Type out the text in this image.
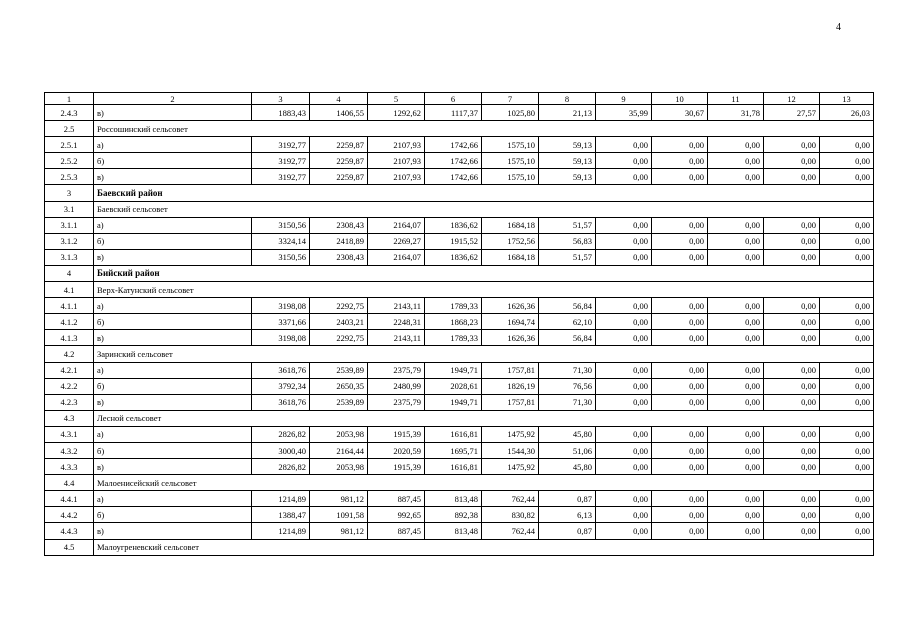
4
1	2	3	4	5	6	7	8	9	10	11	12	13
2.4.3	в)	1883,43	1406,55	1292,62	1117,37	1025,80	21,13	35,99	30,67	31,78	27,57	26,03
2.5	Россошинский сельсовет											
2.5.1	а)	3192,77	2259,87	2107,93	1742,66	1575,10	59,13	0,00	0,00	0,00	0,00	0,00
2.5.2	б)	3192,77	2259,87	2107,93	1742,66	1575,10	59,13	0,00	0,00	0,00	0,00	0,00
2.5.3	в)	3192,77	2259,87	2107,93	1742,66	1575,10	59,13	0,00	0,00	0,00	0,00	0,00
3	Баевский район											
3.1	Баевский сельсовет											
3.1.1	а)	3150,56	2308,43	2164,07	1836,62	1684,18	51,57	0,00	0,00	0,00	0,00	0,00
3.1.2	б)	3324,14	2418,89	2269,27	1915,52	1752,56	56,83	0,00	0,00	0,00	0,00	0,00
3.1.3	в)	3150,56	2308,43	2164,07	1836,62	1684,18	51,57	0,00	0,00	0,00	0,00	0,00
4	Бийский район											
4.1	Верх-Катунский сельсовет											
4.1.1	а)	3198,08	2292,75	2143,11	1789,33	1626,36	56,84	0,00	0,00	0,00	0,00	0,00
4.1.2	б)	3371,66	2403,21	2248,31	1868,23	1694,74	62,10	0,00	0,00	0,00	0,00	0,00
4.1.3	в)	3198,08	2292,75	2143,11	1789,33	1626,36	56,84	0,00	0,00	0,00	0,00	0,00
4.2	Заринский сельсовет											
4.2.1	а)	3618,76	2539,89	2375,79	1949,71	1757,81	71,30	0,00	0,00	0,00	0,00	0,00
4.2.2	б)	3792,34	2650,35	2480,99	2028,61	1826,19	76,56	0,00	0,00	0,00	0,00	0,00
4.2.3	в)	3618,76	2539,89	2375,79	1949,71	1757,81	71,30	0,00	0,00	0,00	0,00	0,00
4.3	Лесной сельсовет											
4.3.1	а)	2826,82	2053,98	1915,39	1616,81	1475,92	45,80	0,00	0,00	0,00	0,00	0,00
4.3.2	б)	3000,40	2164,44	2020,59	1695,71	1544,30	51,06	0,00	0,00	0,00	0,00	0,00
4.3.3	в)	2826,82	2053,98	1915,39	1616,81	1475,92	45,80	0,00	0,00	0,00	0,00	0,00
4.4	Малоенисейский сельсовет											
4.4.1	а)	1214,89	981,12	887,45	813,48	762,44	0,87	0,00	0,00	0,00	0,00	0,00
4.4.2	б)	1388,47	1091,58	992,65	892,38	830,82	6,13	0,00	0,00	0,00	0,00	0,00
4.4.3	в)	1214,89	981,12	887,45	813,48	762,44	0,87	0,00	0,00	0,00	0,00	0,00
4.5	Малоугреневский сельсовет											
